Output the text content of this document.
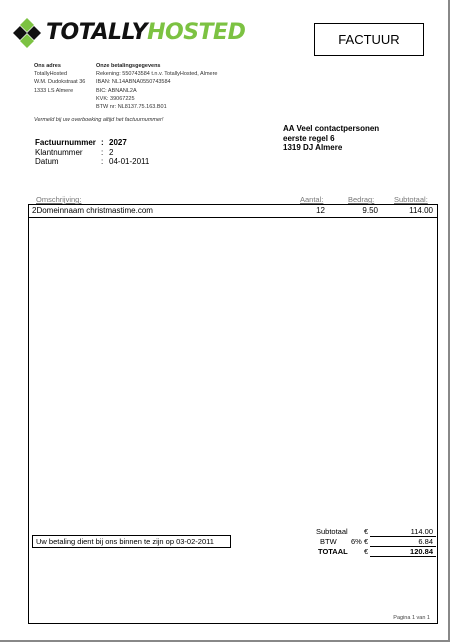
TOTALLYHOSTED	FACTUUR
Ons adres
TotallyHosted
W.M. Dudokstraat 36
1333 LS Almere
Onze betalingsgegevens
Rekening: 550743584 t.n.v. TotallyHosted, Almere
IBAN: NL14ABNA0550743584
BIC: ABNANL2A
KVK: 39067225
BTW nr: NL8137.75.163.B01
Vermeld bij uw overboeking altijd het factuurnummer!
AA Veel contactpersonen
eerste regel 6
1319 DJ Almere
Factuurnummer	:	2027
Klantnummer	:	2
Datum	:	04-01-2011
Omschrijving:	Aantal:	Bedrag:	Subtotaal:
2Domeinnaam christmastime.com	12	9.50	114.00
Subtotaal €	114.00
BTW 6% €	6.84
TOTAAL €	120.84
Uw betaling dient bij ons binnen te zijn op 03-02-2011
Pagina 1 van 1
